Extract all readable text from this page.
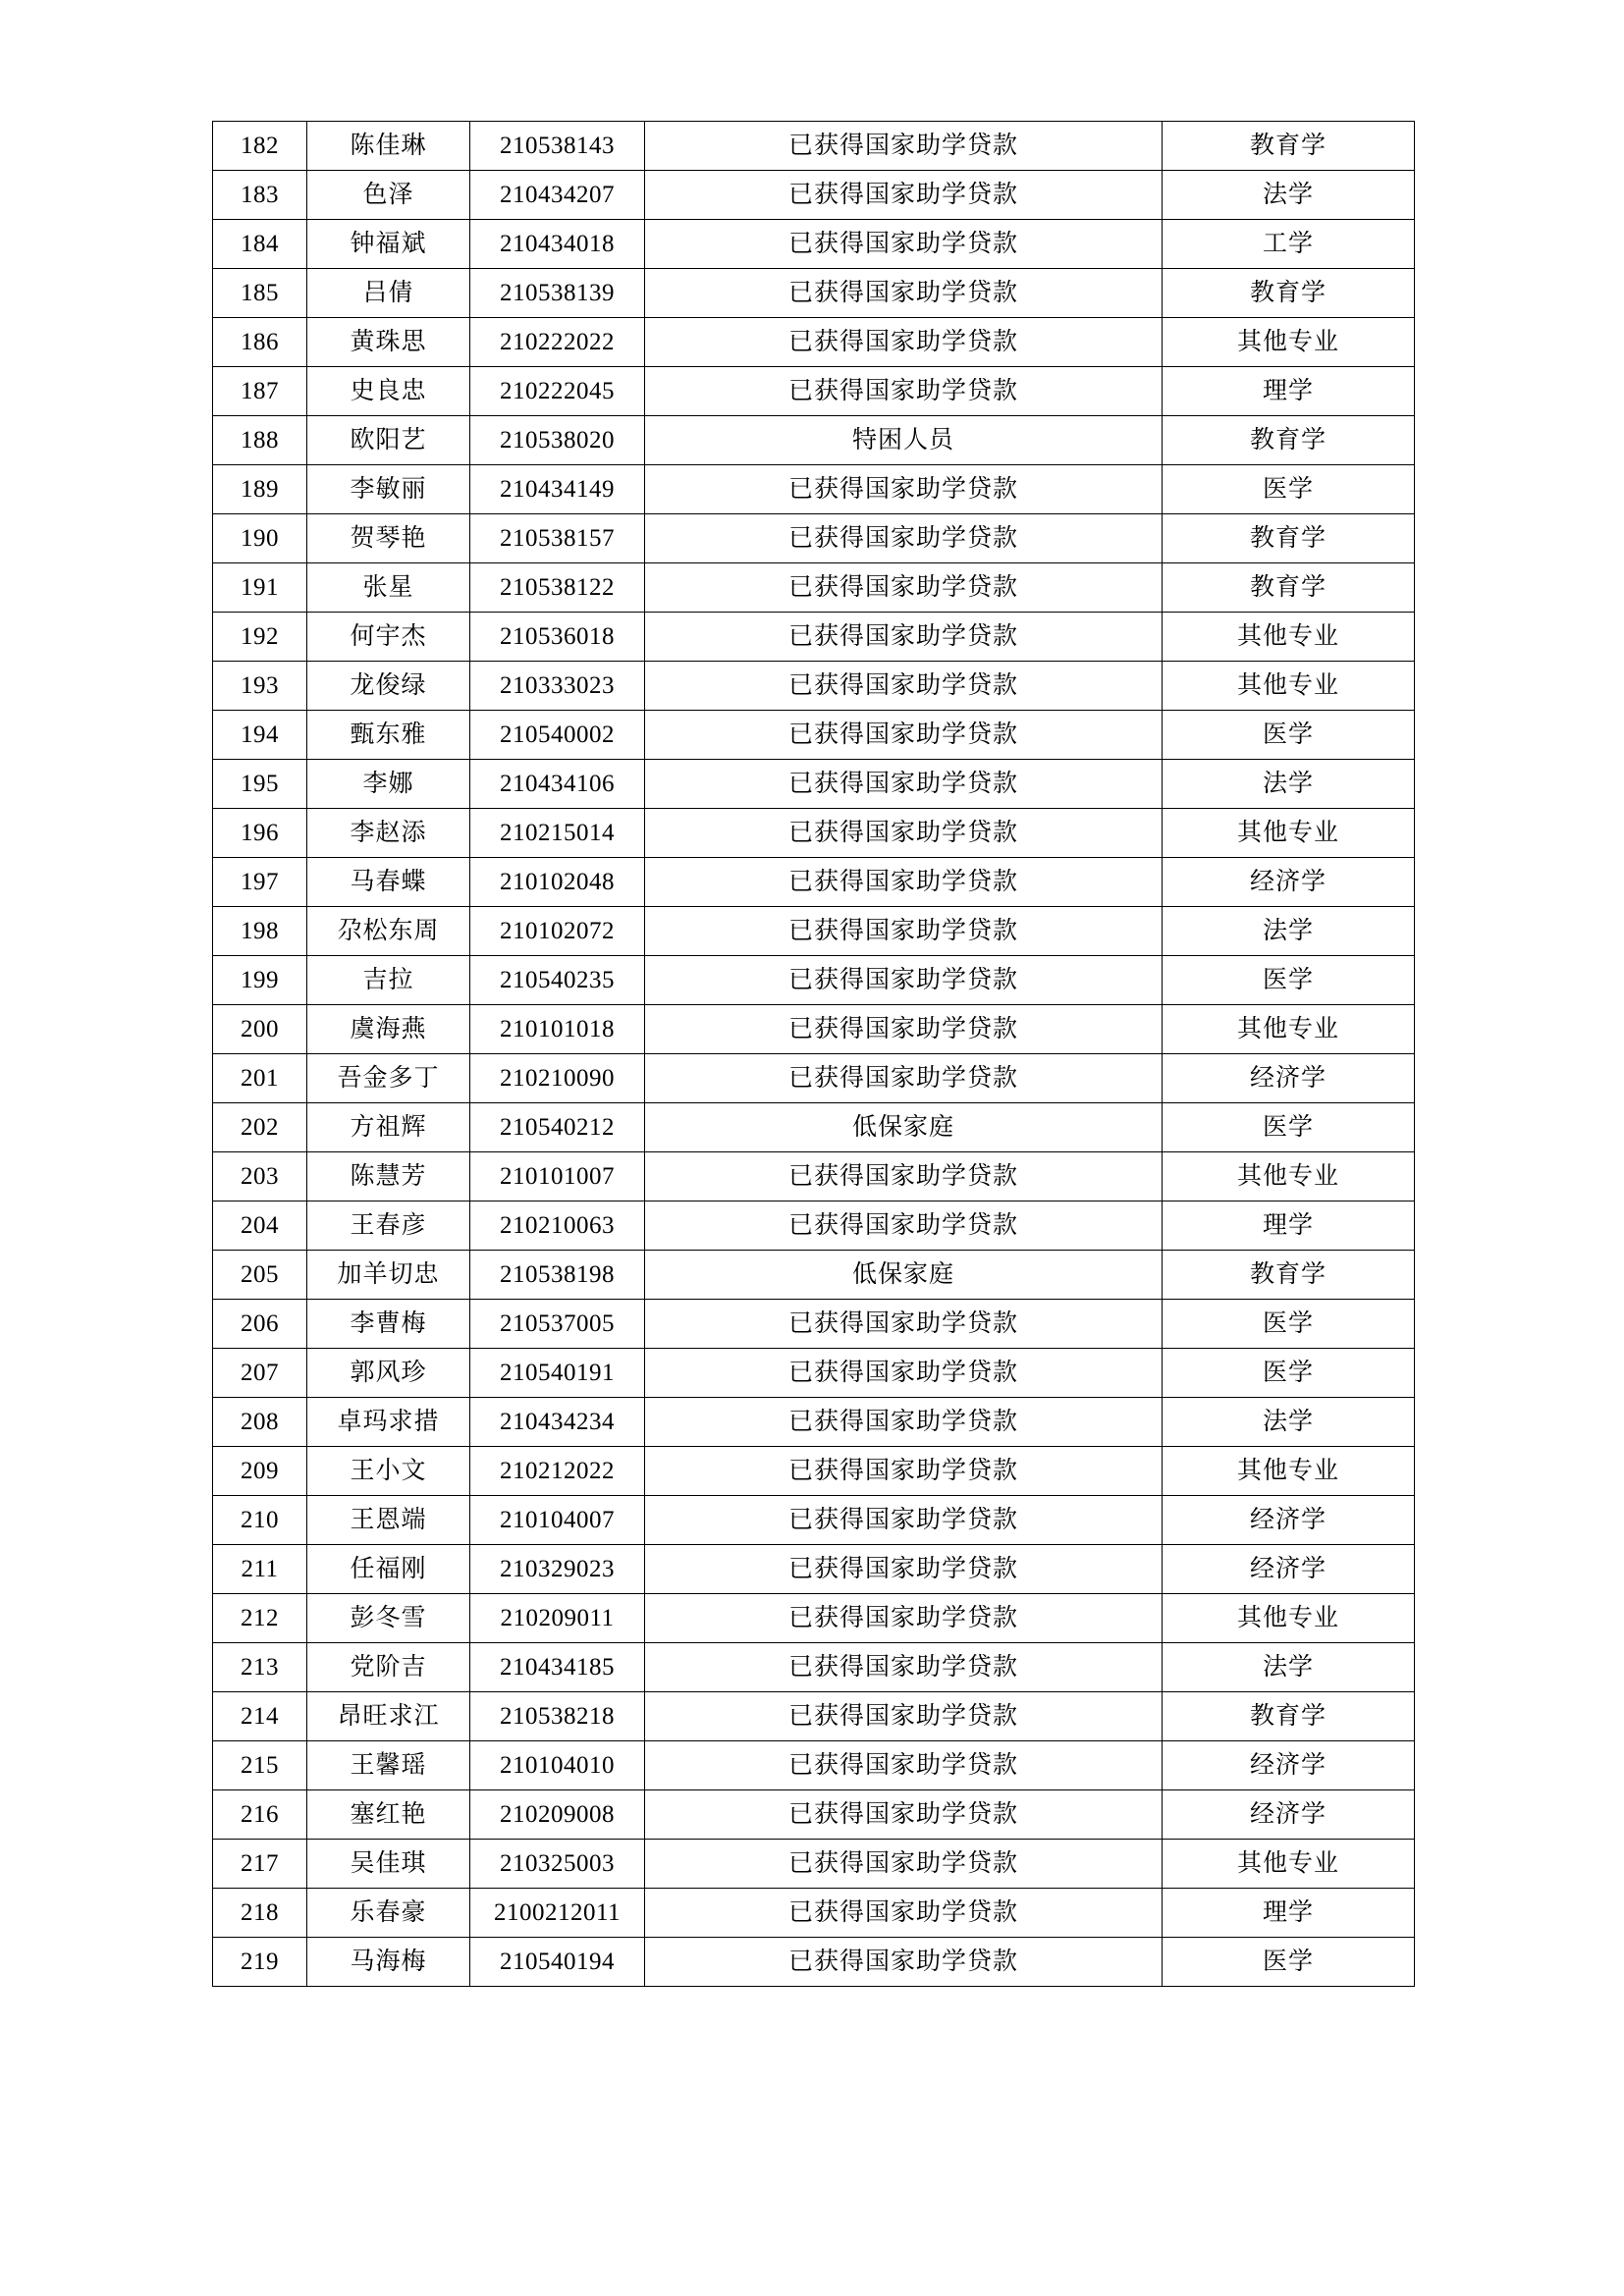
182	陈佳琳	210538143	已获得国家助学贷款	教育学
183	色泽	210434207	已获得国家助学贷款	法学
184	钟福斌	210434018	已获得国家助学贷款	工学
185	吕倩	210538139	已获得国家助学贷款	教育学
186	黄珠思	210222022	已获得国家助学贷款	其他专业
187	史良忠	210222045	已获得国家助学贷款	理学
188	欧阳艺	210538020	特困人员	教育学
189	李敏丽	210434149	已获得国家助学贷款	医学
190	贺琴艳	210538157	已获得国家助学贷款	教育学
191	张星	210538122	已获得国家助学贷款	教育学
192	何宇杰	210536018	已获得国家助学贷款	其他专业
193	龙俊绿	210333023	已获得国家助学贷款	其他专业
194	甄东雅	210540002	已获得国家助学贷款	医学
195	李娜	210434106	已获得国家助学贷款	法学
196	李赵添	210215014	已获得国家助学贷款	其他专业
197	马春蝶	210102048	已获得国家助学贷款	经济学
198	尕松东周	210102072	已获得国家助学贷款	法学
199	吉拉	210540235	已获得国家助学贷款	医学
200	虞海燕	210101018	已获得国家助学贷款	其他专业
201	吾金多丁	210210090	已获得国家助学贷款	经济学
202	方祖辉	210540212	低保家庭	医学
203	陈慧芳	210101007	已获得国家助学贷款	其他专业
204	王春彦	210210063	已获得国家助学贷款	理学
205	加羊切忠	210538198	低保家庭	教育学
206	李曹梅	210537005	已获得国家助学贷款	医学
207	郭风珍	210540191	已获得国家助学贷款	医学
208	卓玛求措	210434234	已获得国家助学贷款	法学
209	王小文	210212022	已获得国家助学贷款	其他专业
210	王恩端	210104007	已获得国家助学贷款	经济学
211	任福刚	210329023	已获得国家助学贷款	经济学
212	彭冬雪	210209011	已获得国家助学贷款	其他专业
213	党阶吉	210434185	已获得国家助学贷款	法学
214	昂旺求江	210538218	已获得国家助学贷款	教育学
215	王馨瑶	210104010	已获得国家助学贷款	经济学
216	塞红艳	210209008	已获得国家助学贷款	经济学
217	吴佳琪	210325003	已获得国家助学贷款	其他专业
218	乐春豪	2100212011	已获得国家助学贷款	理学
219	马海梅	210540194	已获得国家助学贷款	医学
